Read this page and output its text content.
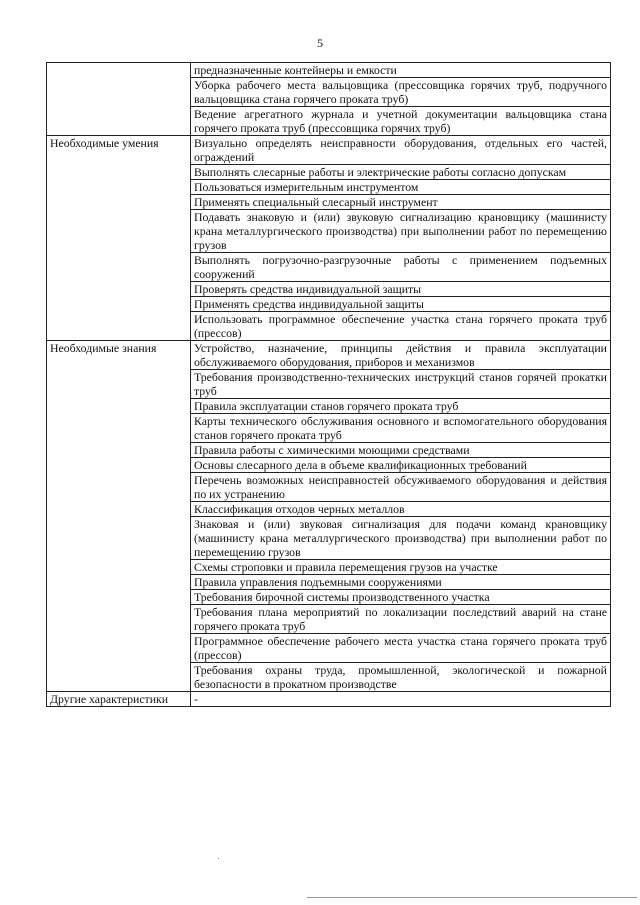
5
	предназначенные контейнеры и емкости
	Уборка рабочего места вальцовщика (прессовщика горячих труб, подручного вальцовщика стана горячего проката труб)
	Ведение агрегатного журнала и учетной документации вальцовщика стана горячего проката труб (прессовщика горячих труб)
Необходимые умения	Визуально определять неисправности оборудования, отдельных его частей, ограждений
	Выполнять слесарные работы и электрические работы согласно допускам
	Пользоваться измерительным инструментом
	Применять специальный слесарный инструмент
	Подавать знаковую и (или) звуковую сигнализацию крановщику (машинисту крана металлургического производства) при выполнении работ по перемещению грузов
	Выполнять погрузочно-разгрузочные работы с применением подъемных сооружений
	Проверять средства индивидуальной защиты
	Применять средства индивидуальной защиты
	Использовать программное обеспечение участка стана горячего проката труб (прессов)
Необходимые знания	Устройство, назначение, принципы действия и правила эксплуатации обслуживаемого оборудования, приборов и механизмов
	Требования производственно-технических инструкций станов горячей прокатки труб
	Правила эксплуатации станов горячего проката труб
	Карты технического обслуживания основного и вспомогательного оборудования станов горячего проката труб
	Правила работы с химическими моющими средствами
	Основы слесарного дела в объеме квалификационных требований
	Перечень возможных неисправностей обсуживаемого оборудования и действия по их устранению
	Классификация отходов черных металлов
	Знаковая и (или) звуковая сигнализация для подачи команд крановщику (машинисту крана металлургического производства) при выполнении работ по перемещению грузов
	Схемы строповки и правила перемещения грузов на участке
	Правила управления подъемными сооружениями
	Требования бирочной системы производственного участка
	Требования плана мероприятий по локализации последствий аварий на стане горячего проката труб
	Программное обеспечение рабочего места участка стана горячего проката труб (прессов)
	Требования охраны труда, промышленной, экологической и пожарной безопасности в прокатном производстве
Другие характеристики	-
